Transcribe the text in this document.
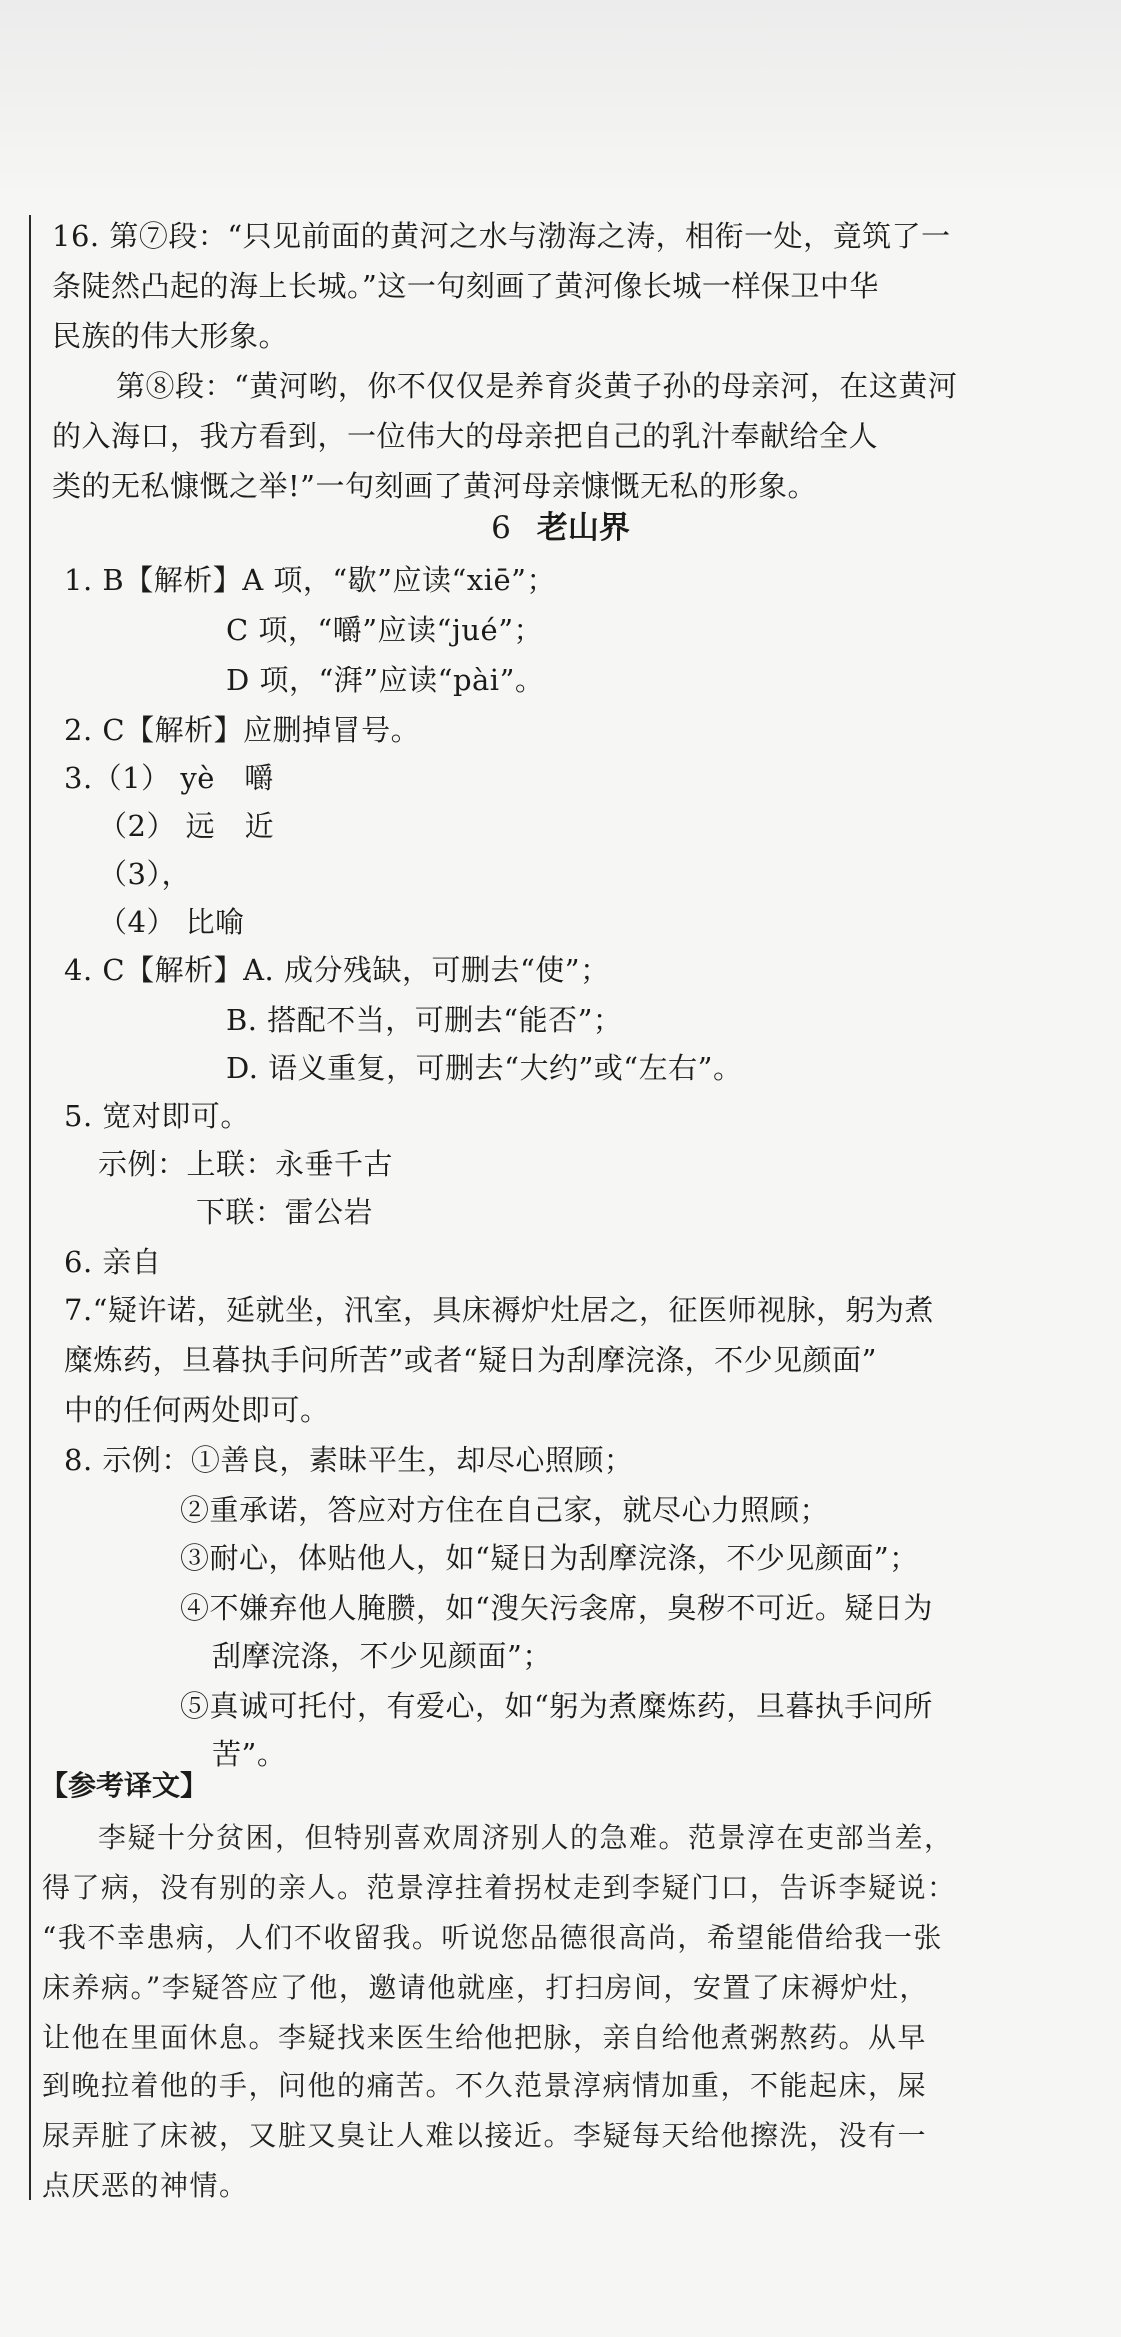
16. 第⑦段：“只见前面的黄河之水与渤海之涛，相衔一处，竟筑了一
条陡然凸起的海上长城。”这一句刻画了黄河像长城一样保卫中华
民族的伟大形象。
第⑧段：“黄河哟，你不仅仅是养育炎黄子孙的母亲河，在这黄河
的入海口，我方看到，一位伟大的母亲把自己的乳汁奉献给全人
类的无私慷慨之举!”一句刻画了黄河母亲慷慨无私的形象。
6 老山界
1. B【解析】A 项，“歇”应读“xiē”；
C 项，“嚼”应读“jué”；
D 项，“湃”应读“pài”。
2. C【解析】应删掉冒号。
3.（1） yè　嚼
（2） 远　近
（3），
（4） 比喻
4. C【解析】A. 成分残缺，可删去“使”；
B. 搭配不当，可删去“能否”；
D. 语义重复，可删去“大约”或“左右”。
5. 宽对即可。
示例：上联：永垂千古
下联：雷公岩
6. 亲自
7.“疑许诺，延就坐，汛室，具床褥炉灶居之，征医师视脉，躬为煮
糜炼药，旦暮执手问所苦”或者“疑日为刮摩浣涤，不少见颜面”
中的任何两处即可。
8. 示例：①善良，素昧平生，却尽心照顾；
②重承诺，答应对方住在自己家，就尽心力照顾；
③耐心，体贴他人，如“疑日为刮摩浣涤，不少见颜面”；
④不嫌弃他人腌臜，如“溲矢污衾席，臭秽不可近。疑日为
刮摩浣涤，不少见颜面”；
⑤真诚可托付，有爱心，如“躬为煮糜炼药，旦暮执手问所
苦”。
【参考译文】
李疑十分贫困，但特别喜欢周济别人的急难。范景淳在吏部当差，
得了病，没有别的亲人。范景淳拄着拐杖走到李疑门口，告诉李疑说：
“我不幸患病，人们不收留我。听说您品德很高尚，希望能借给我一张
床养病。”李疑答应了他，邀请他就座，打扫房间，安置了床褥炉灶，
让他在里面休息。李疑找来医生给他把脉，亲自给他煮粥熬药。从早
到晚拉着他的手，问他的痛苦。不久范景淳病情加重，不能起床，屎
尿弄脏了床被，又脏又臭让人难以接近。李疑每天给他擦洗，没有一
点厌恶的神情。
